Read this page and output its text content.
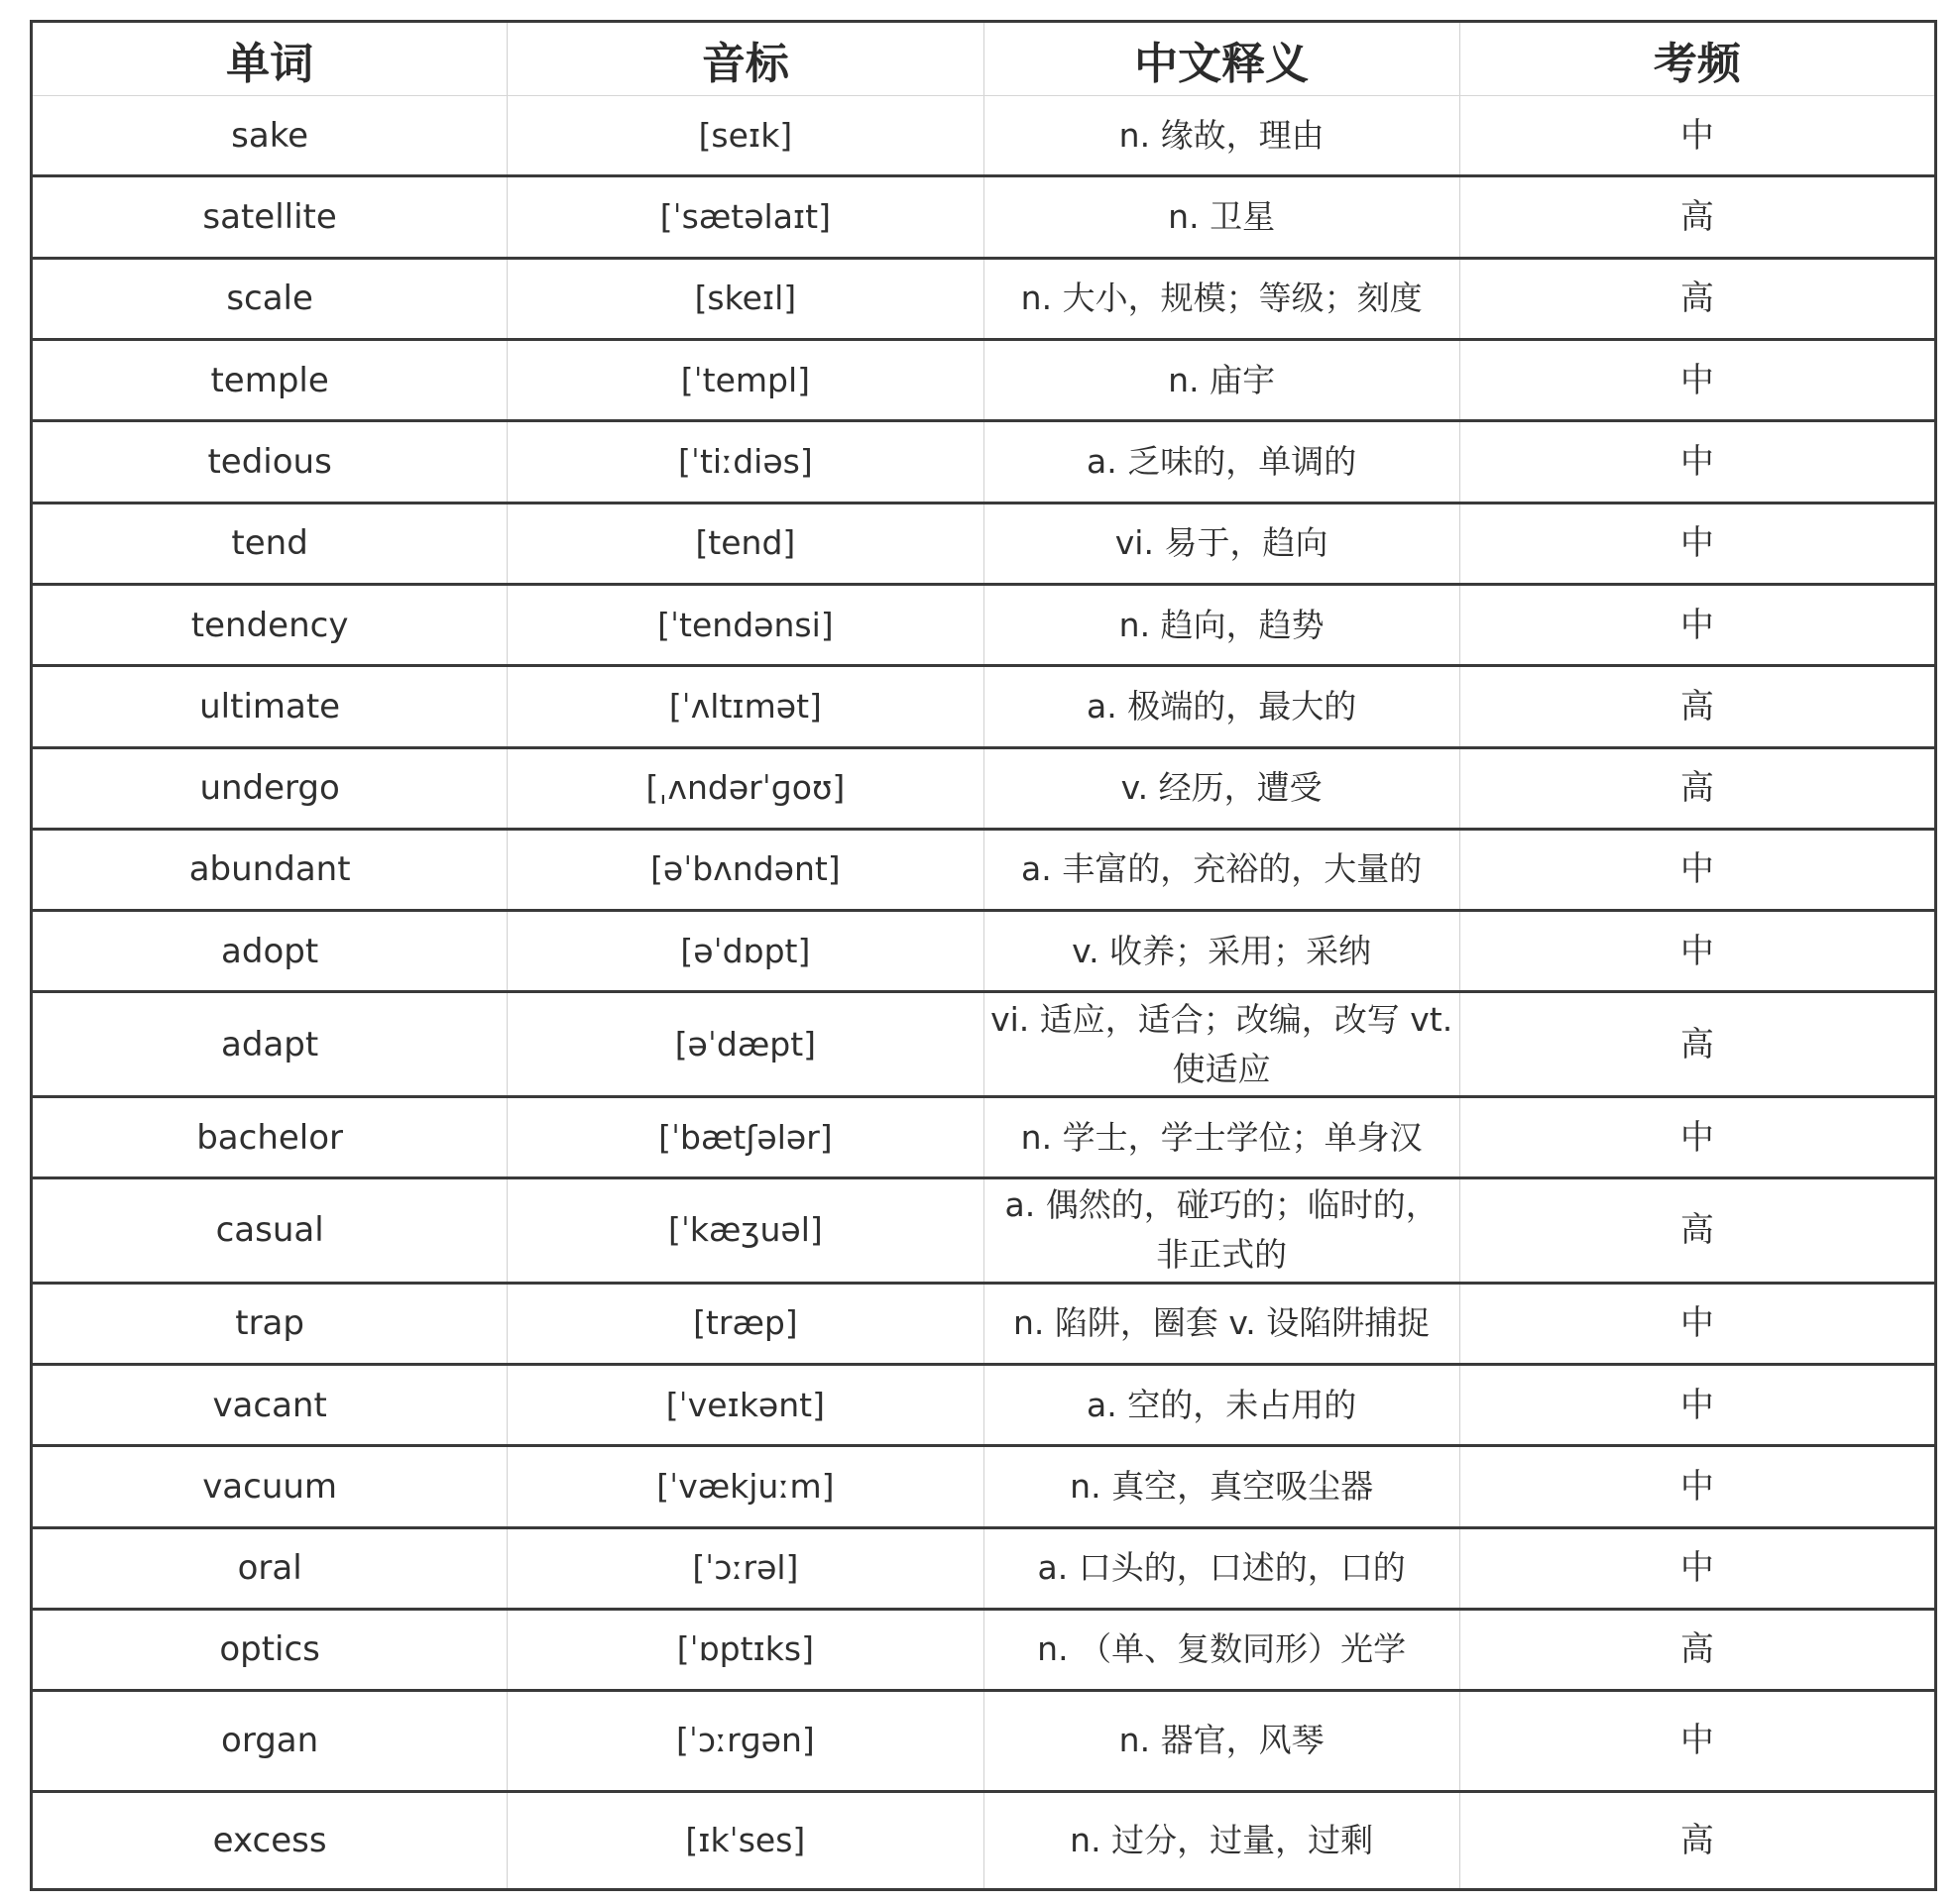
单词	音标	中文释义	考频
sake	[seɪk]	n. 缘故，理由	中
satellite	[ˈsætəlaɪt]	n. 卫星	高
scale	[skeɪl]	n. 大小，规模；等级；刻度	高
temple	[ˈtempl]	n. 庙宇	中
tedious	[ˈtiːdiəs]	a. 乏味的，单调的	中
tend	[tend]	vi. 易于，趋向	中
tendency	[ˈtendənsi]	n. 趋向，趋势	中
ultimate	[ˈʌltɪmət]	a. 极端的，最大的	高
undergo	[ˌʌndərˈɡoʊ]	v. 经历，遭受	高
abundant	[əˈbʌndənt]	a. 丰富的，充裕的，大量的	中
adopt	[əˈdɒpt]	v. 收养；采用；采纳	中
adapt	[əˈdæpt]	vi. 适应，适合；改编，改写 vt. 使适应	高
bachelor	[ˈbætʃələr]	n. 学士，学士学位；单身汉	中
casual	[ˈkæʒuəl]	a. 偶然的，碰巧的；临时的，非正式的	高
trap	[træp]	n. 陷阱，圈套 v. 设陷阱捕捉	中
vacant	[ˈveɪkənt]	a. 空的，未占用的	中
vacuum	[ˈvækjuːm]	n. 真空，真空吸尘器	中
oral	[ˈɔːrəl]	a. 口头的，口述的，口的	中
optics	[ˈɒptɪks]	n. （单、复数同形）光学	高
organ	[ˈɔːrɡən]	n. 器官，风琴	中
excess	[ɪkˈses]	n. 过分，过量，过剩	高
